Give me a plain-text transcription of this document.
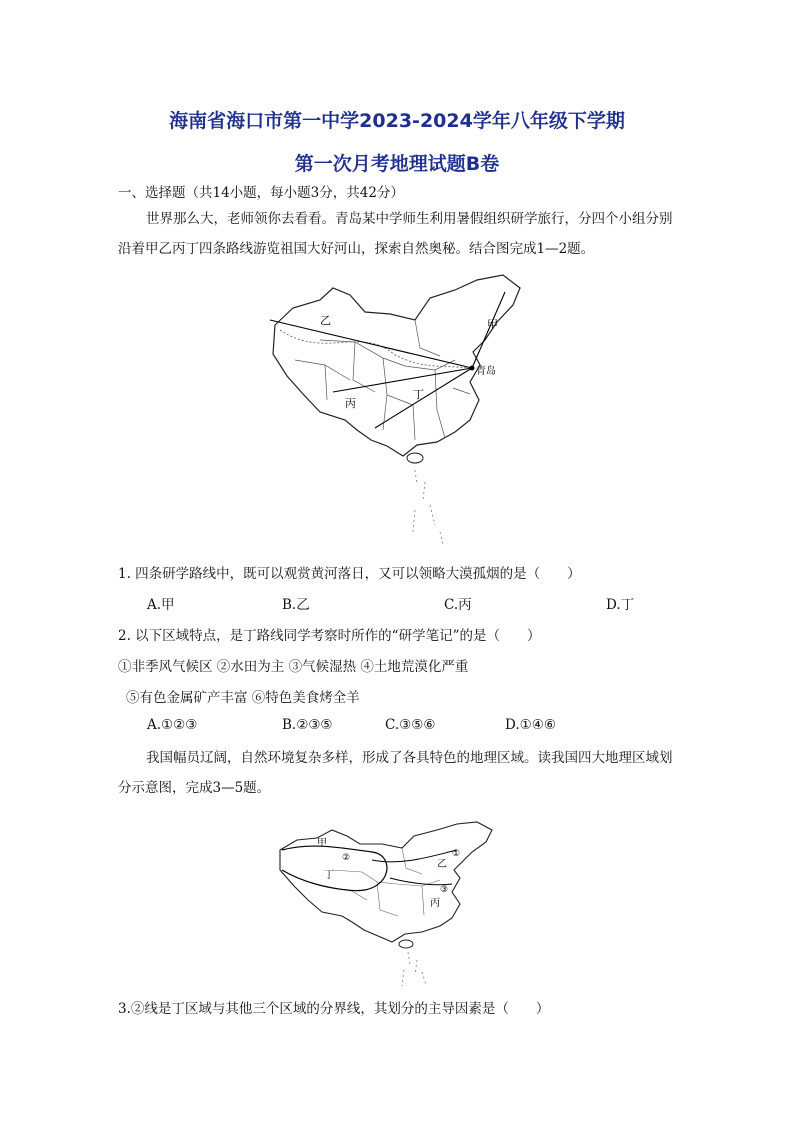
海南省海口市第一中学2023-2024学年八年级下学期
第一次月考地理试题B卷
一、选择题（共14小题，每小题3分，共42分）
世界那么大，老师领你去看看。青岛某中学师生利用暑假组织研学旅行，分四个小组分别沿着甲乙丙丁四条路线游览祖国大好河山，探索自然奥秘。结合图完成1—2题。
甲
乙
丙
丁
青岛
1. 四条研学路线中，既可以观赏黄河落日，又可以领略大漠孤烟的是（　　）
A.甲	B.乙	C.丙	D.丁
2. 以下区域特点，是丁路线同学考察时所作的“研学笔记”的是（　　）
①非季风气候区 ②水田为主 ③气候湿热 ④土地荒漠化严重
⑤有色金属矿产丰富 ⑥特色美食烤全羊
A.①②③	B.②③⑤	C.③⑤⑥	D.①④⑥
我国幅员辽阔，自然环境复杂多样，形成了各具特色的地理区域。读我国四大地理区域划分示意图，完成3—5题。
甲
乙
丙
丁
①
②
③
3.②线是丁区域与其他三个区域的分界线，其划分的主导因素是（　　）
